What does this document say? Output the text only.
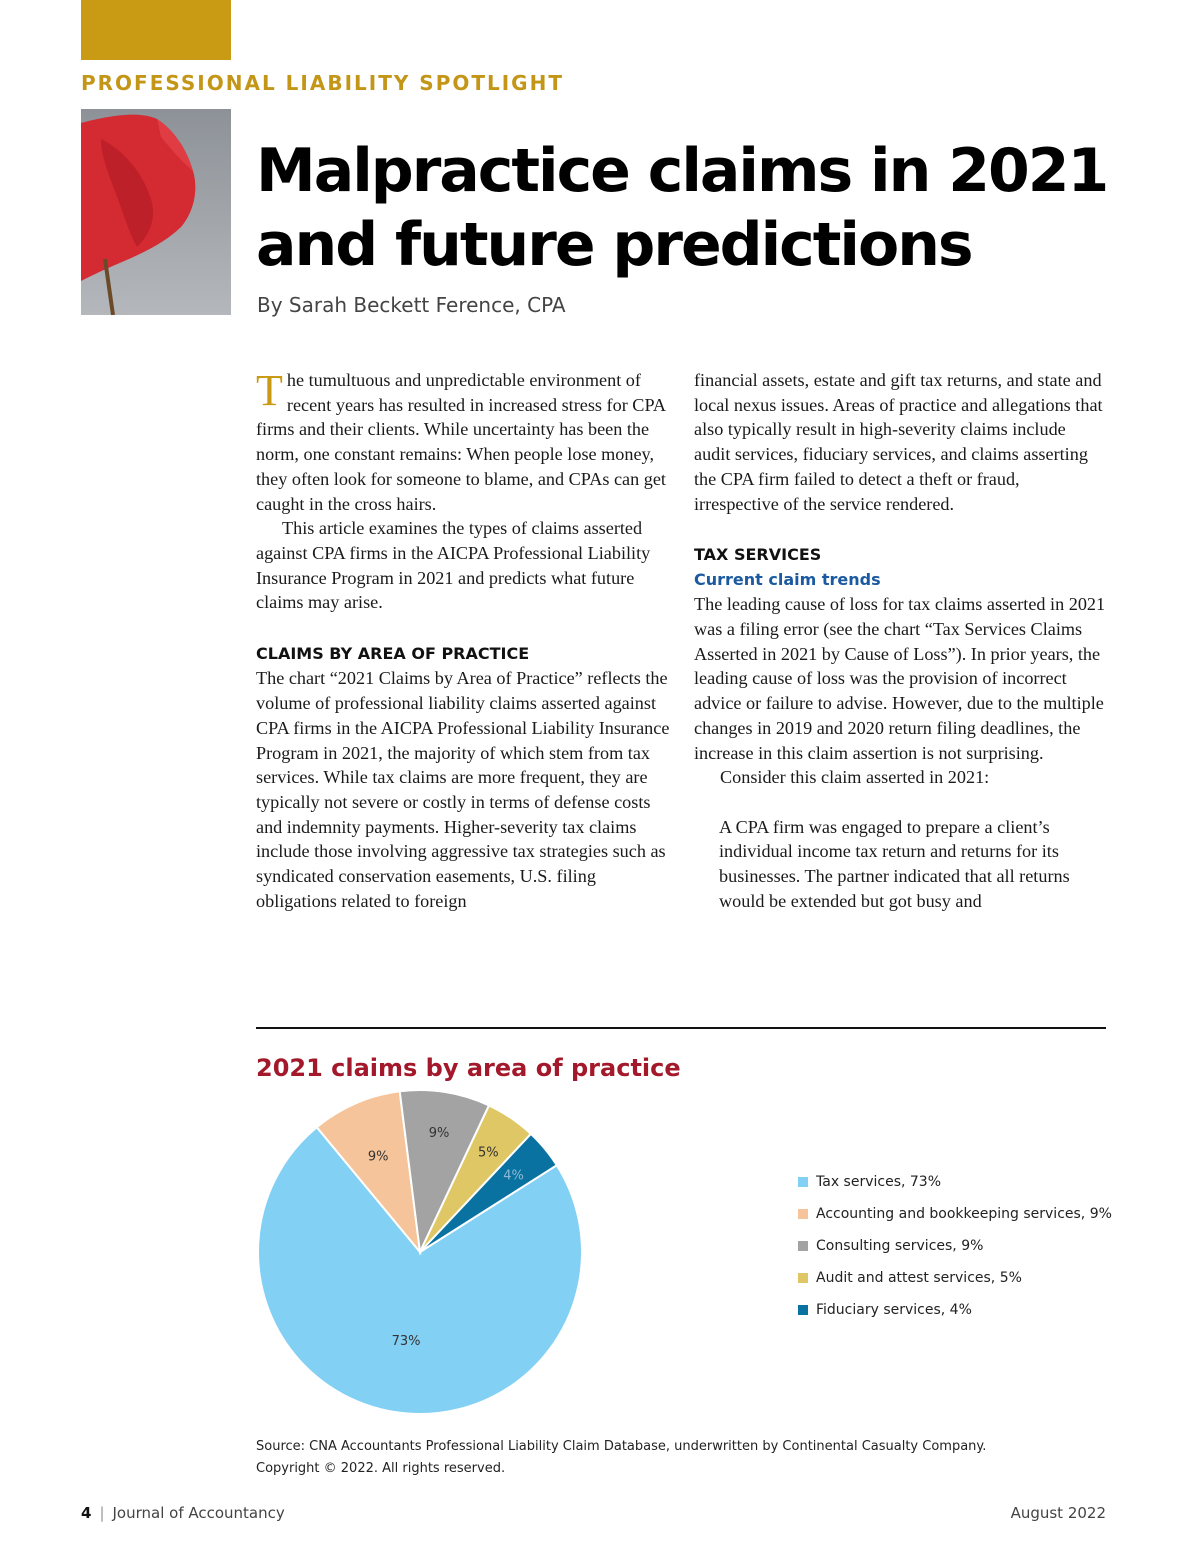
PROFESSIONAL LIABILITY SPOTLIGHT
Malpractice claims in 2021
and future predictions
By Sarah Beckett Ference, CPA

The tumultuous and unpredictable environment of recent years has resulted in increased stress for CPA firms and their clients. While uncertainty has been the norm, one constant remains: When people lose money, they often look for someone to blame, and CPAs can get caught in the cross hairs.

This article examines the types of claims asserted against CPA firms in the AICPA Professional Liability Insurance Program in 2021 and predicts what future claims may arise.

CLAIMS BY AREA OF PRACTICE

The chart “2021 Claims by Area of Practice” reflects the volume of professional liability claims asserted against CPA firms in the AICPA Professional Liability Insurance Program in 2021, the majority of which stem from tax services. While tax claims are more frequent, they are typically not severe or costly in terms of defense costs and indemnity payments. Higher-severity tax claims include those involving aggressive tax strategies such as syndicated conservation easements, U.S. filing obligations related to foreign

financial assets, estate and gift tax returns, and state and local nexus issues. Areas of practice and allegations that also typically result in high-severity claims include audit services, fiduciary services, and claims asserting the CPA firm failed to detect a theft or fraud, irrespective of the service rendered.

TAX SERVICES
Current claim trends

The leading cause of loss for tax claims asserted in 2021 was a filing error (see the chart “Tax Services Claims Asserted in 2021 by Cause of Loss”). In prior years, the leading cause of loss was the provision of incorrect advice or failure to advise. However, due to the multiple changes in 2019 and 2020 return filing deadlines, the increase in this claim assertion is not surprising.

Consider this claim asserted in 2021:

A CPA firm was engaged to prepare a client’s individual income tax return and returns for its businesses. The partner indicated that all returns would be extended but got busy and

2021 claims by area of practice
73%
9%
9%
5%
4%	Tax services, 73%
Accounting and bookkeeping services, 9%
Consulting services, 9%
Audit and attest services, 5%
Fiduciary services, 4%
Source: CNA Accountants Professional Liability Claim Database, underwritten by Continental Casualty Company.
Copyright © 2022. All rights reserved.
4 | Journal of Accountancy	August 2022
